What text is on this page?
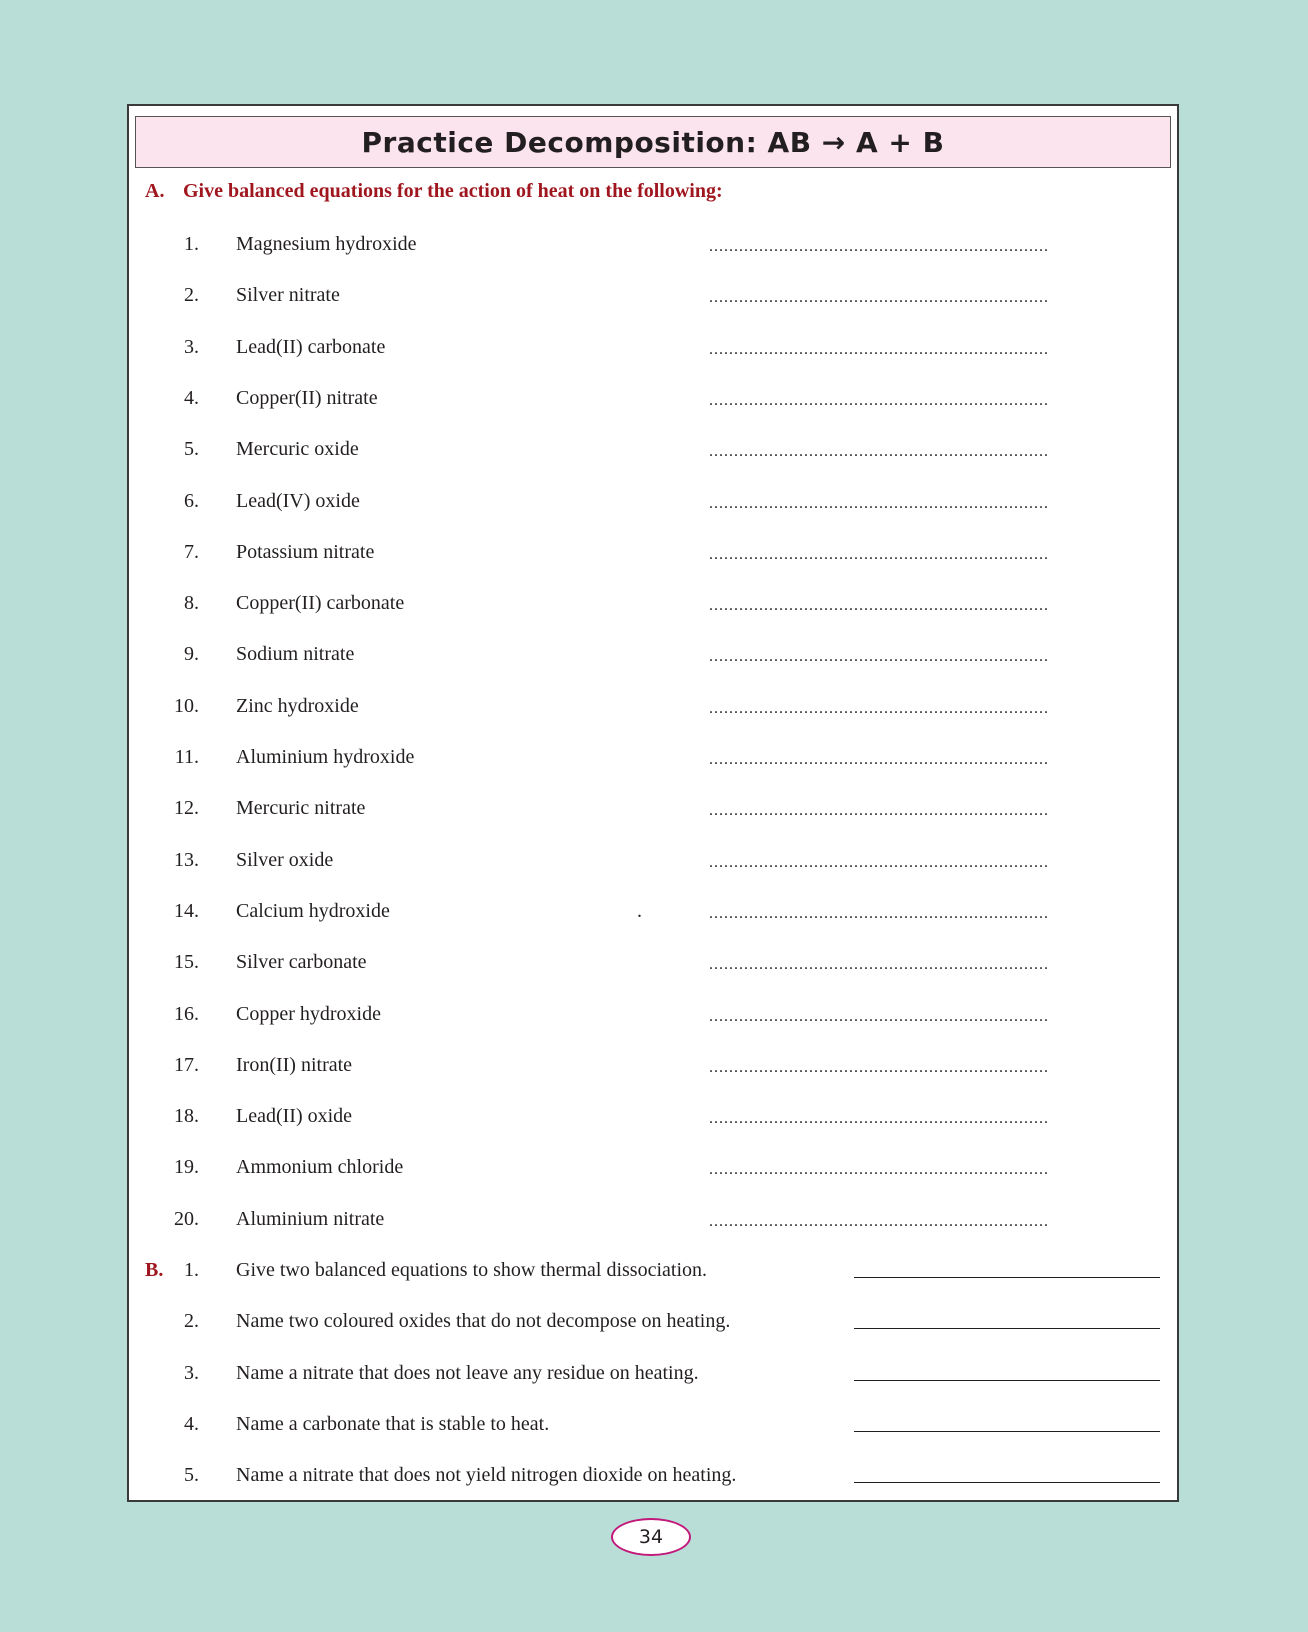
Practice Decomposition: AB → A + B
A. Give balanced equations for the action of heat on the following:
1. Magnesium hydroxide	....................................................................
2. Silver nitrate	....................................................................
3. Lead(II) carbonate	....................................................................
4. Copper(II) nitrate	....................................................................
5. Mercuric oxide	....................................................................
6. Lead(IV) oxide	....................................................................
7. Potassium nitrate	....................................................................
8. Copper(II) carbonate	....................................................................
9. Sodium nitrate	....................................................................
10. Zinc hydroxide	....................................................................
11. Aluminium hydroxide	....................................................................
12. Mercuric nitrate	....................................................................
13. Silver oxide	....................................................................
14. Calcium hydroxide	.	....................................................................
15. Silver carbonate	....................................................................
16. Copper hydroxide	....................................................................
17. Iron(II) nitrate	....................................................................
18. Lead(II) oxide	....................................................................
19. Ammonium chloride	....................................................................
20. Aluminium nitrate	....................................................................
B.	1. Give two balanced equations to show thermal dissociation.
2. Name two coloured oxides that do not decompose on heating.
3. Name a nitrate that does not leave any residue on heating.
4. Name a carbonate that is stable to heat.
5. Name a nitrate that does not yield nitrogen dioxide on heating.
34
